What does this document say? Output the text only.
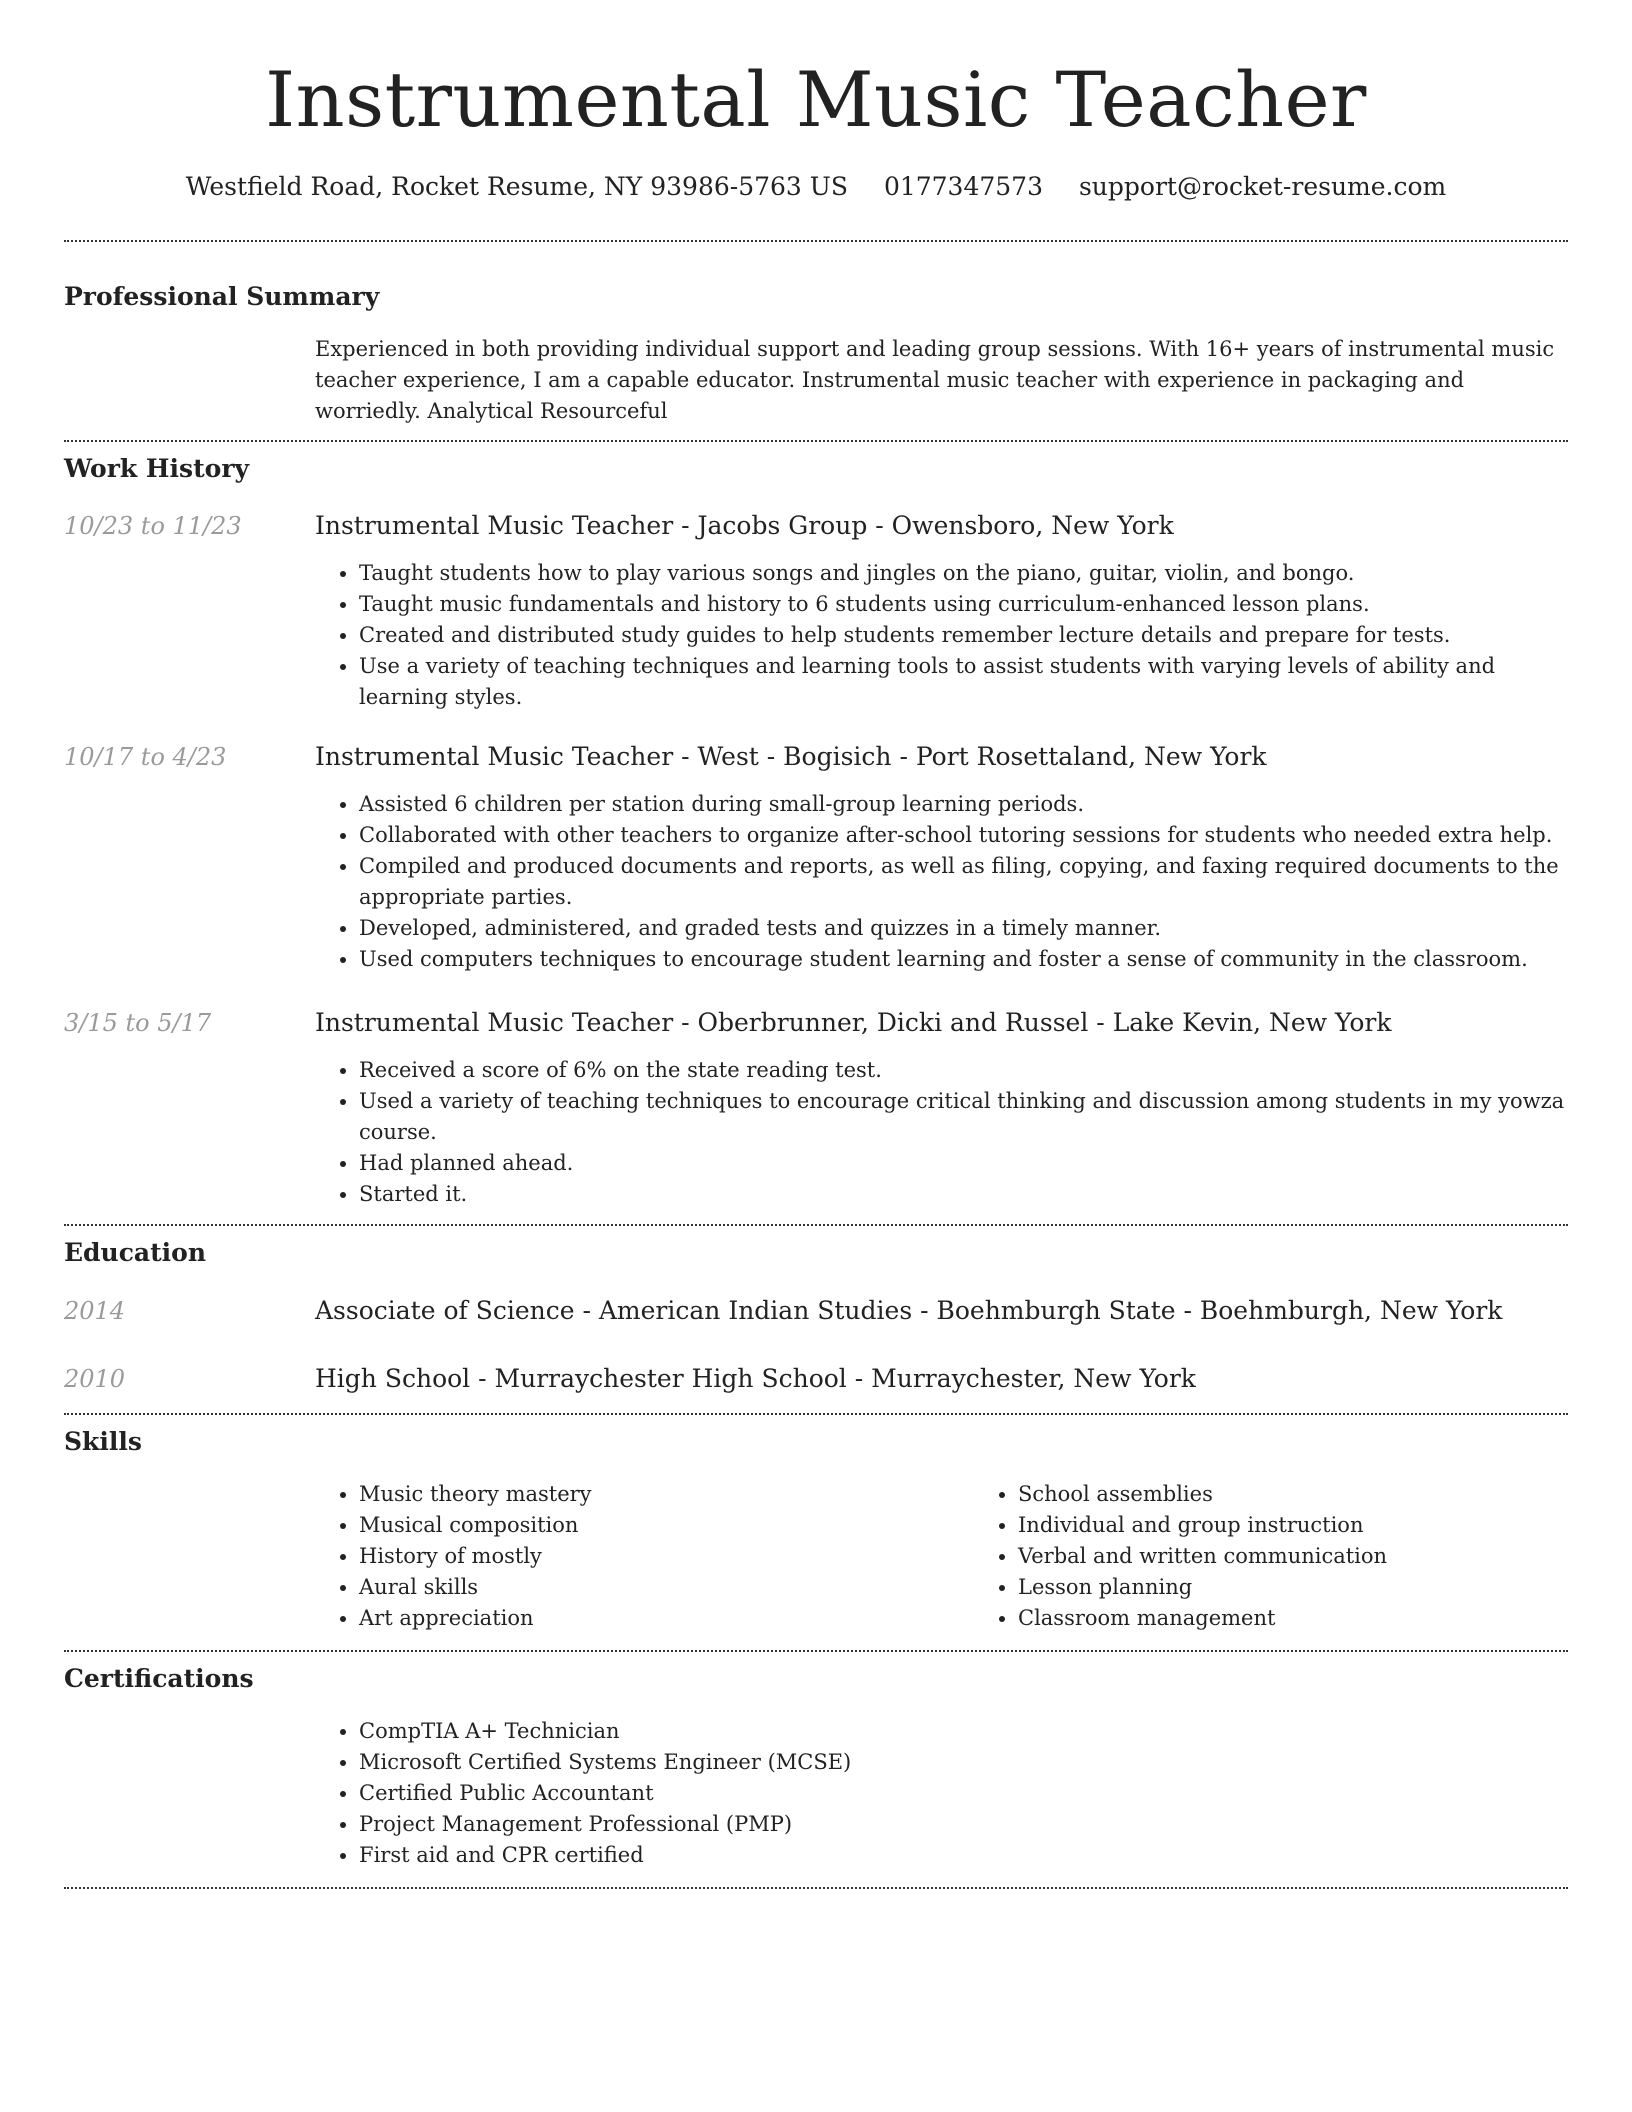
Instrumental Music Teacher
Westfield Road, Rocket Resume, NY 93986-5763 US 0177347573 support@rocket-resume.com
Professional Summary

Experienced in both providing individual support and leading group sessions. With 16+ years of instrumental music teacher experience, I am a capable educator. Instrumental music teacher with experience in packaging and worriedly. Analytical Resourceful

Work History
10/23 to 11/23	Instrumental Music Teacher - Jacobs Group - Owensboro, New York
• Taught students how to play various songs and jingles on the piano, guitar, violin, and bongo.
• Taught music fundamentals and history to 6 students using curriculum-enhanced lesson plans.
• Created and distributed study guides to help students remember lecture details and prepare for tests.
• Use a variety of teaching techniques and learning tools to assist students with varying levels of ability and learning styles.
10/17 to 4/23	Instrumental Music Teacher - West - Bogisich - Port Rosettaland, New York
• Assisted 6 children per station during small-group learning periods.
• Collaborated with other teachers to organize after-school tutoring sessions for students who needed extra help.
• Compiled and produced documents and reports, as well as filing, copying, and faxing required documents to the appropriate parties.
• Developed, administered, and graded tests and quizzes in a timely manner.
• Used computers techniques to encourage student learning and foster a sense of community in the classroom.
3/15 to 5/17	Instrumental Music Teacher - Oberbrunner, Dicki and Russel - Lake Kevin, New York
• Received a score of 6% on the state reading test.
• Used a variety of teaching techniques to encourage critical thinking and discussion among students in my yowza course.
• Had planned ahead.
• Started it.
Education
2014	Associate of Science - American Indian Studies - Boehmburgh State - Boehmburgh, New York
2010	High School - Murraychester High School - Murraychester, New York
Skills
• Music theory mastery
• Musical composition
• History of mostly
• Aural skills
• Art appreciation
• School assemblies
• Individual and group instruction
• Verbal and written communication
• Lesson planning
• Classroom management
Certifications
• CompTIA A+ Technician
• Microsoft Certified Systems Engineer (MCSE)
• Certified Public Accountant
• Project Management Professional (PMP)
• First aid and CPR certified
